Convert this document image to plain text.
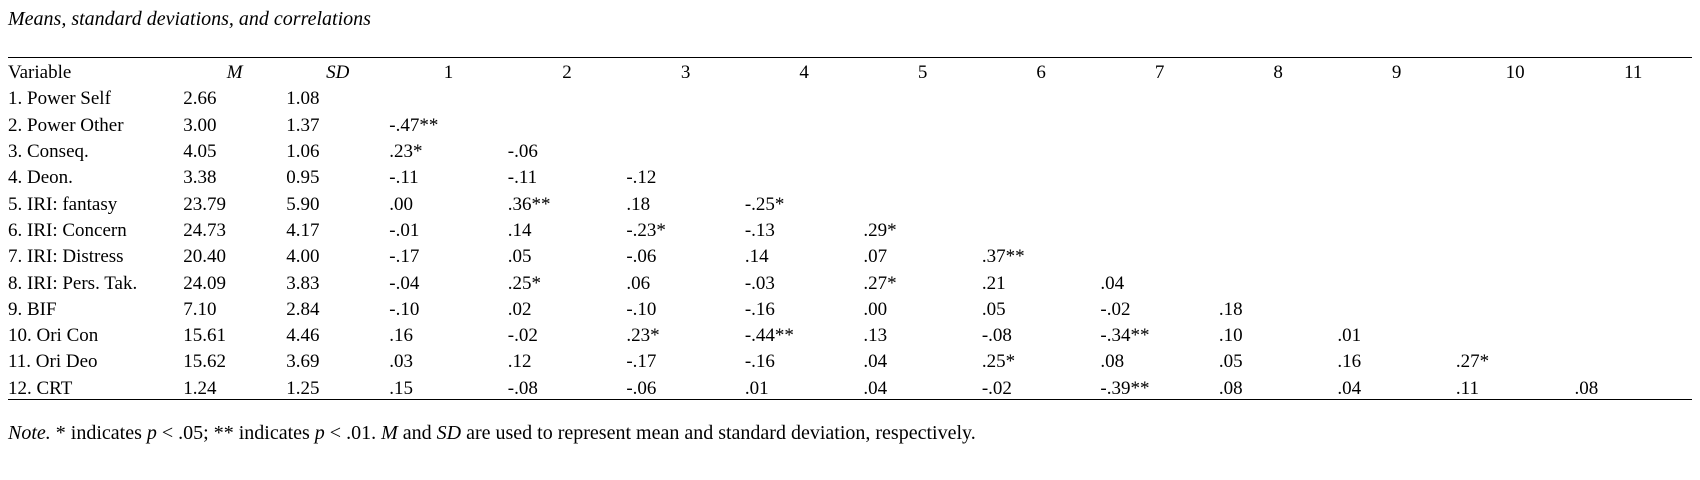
Means, standard deviations, and correlations
Variable	M	SD	1	2	3	4	5	6	7	8	9	10	11
1. Power Self	2.66	1.08											
2. Power Other	3.00	1.37	-.47**										
3. Conseq.	4.05	1.06	.23*	-.06									
4. Deon.	3.38	0.95	-.11	-.11	-.12								
5. IRI: fantasy	23.79	5.90	.00	.36**	.18	-.25*							
6. IRI: Concern	24.73	4.17	-.01	.14	-.23*	-.13	.29*						
7. IRI: Distress	20.40	4.00	-.17	.05	-.06	.14	.07	.37**					
8. IRI: Pers. Tak.	24.09	3.83	-.04	.25*	.06	-.03	.27*	.21	.04				
9. BIF	7.10	2.84	-.10	.02	-.10	-.16	.00	.05	-.02	.18			
10. Ori Con	15.61	4.46	.16	-.02	.23*	-.44**	.13	-.08	-.34**	.10	.01		
11. Ori Deo	15.62	3.69	.03	.12	-.17	-.16	.04	.25*	.08	.05	.16	.27*	
12. CRT	1.24	1.25	.15	-.08	-.06	.01	.04	-.02	-.39**	.08	.04	.11	.08
Note. * indicates p < .05; ** indicates p < .01. M and SD are used to represent mean and standard deviation, respectively.
